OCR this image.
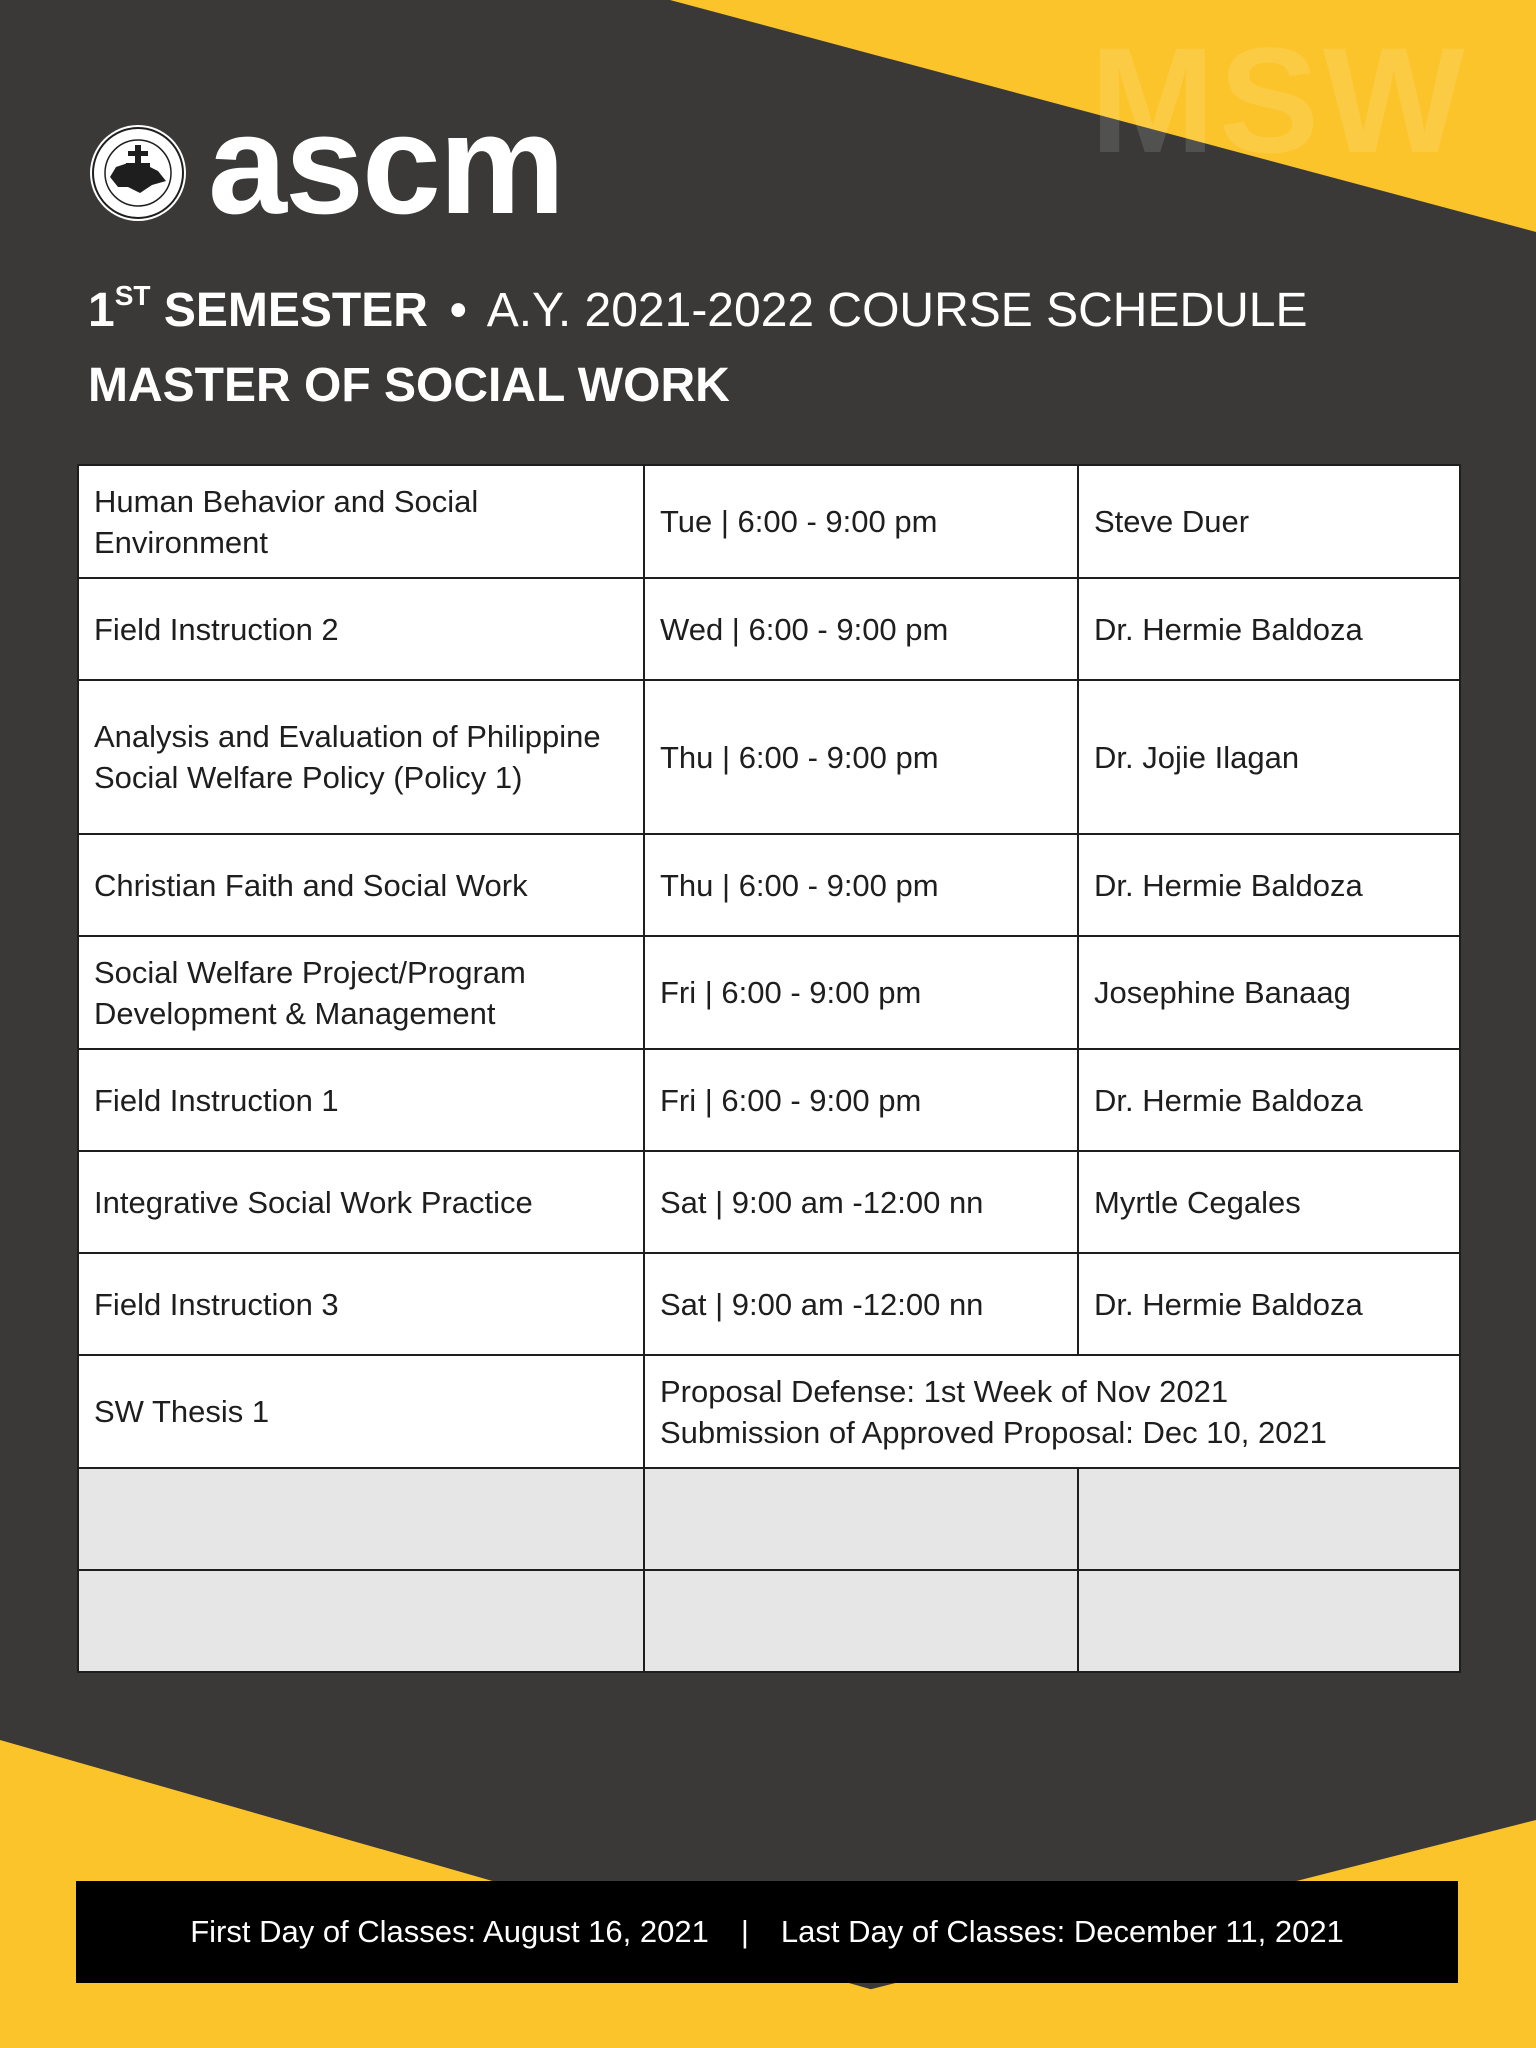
MSW
ascm
1ST SEMESTER • A.Y. 2021-2022 COURSE SCHEDULE
MASTER OF SOCIAL WORK
Human Behavior and Social Environment	Tue | 6:00 - 9:00 pm	Steve Duer
Field Instruction 2	Wed | 6:00 - 9:00 pm	Dr. Hermie Baldoza
Analysis and Evaluation of Philippine Social Welfare Policy (Policy 1)	Thu | 6:00 - 9:00 pm	Dr. Jojie Ilagan
Christian Faith and Social Work	Thu | 6:00 - 9:00 pm	Dr. Hermie Baldoza
Social Welfare Project/Program Development & Management	Fri | 6:00 - 9:00 pm	Josephine Banaag
Field Instruction 1	Fri | 6:00 - 9:00 pm	Dr. Hermie Baldoza
Integrative Social Work Practice	Sat | 9:00 am -12:00 nn	Myrtle Cegales
Field Instruction 3	Sat | 9:00 am -12:00 nn	Dr. Hermie Baldoza
SW Thesis 1	Proposal Defense: 1st Week of Nov 2021
Submission of Approved Proposal: Dec 10, 2021	

First Day of Classes: August 16, 2021 | Last Day of Classes: December 11, 2021
